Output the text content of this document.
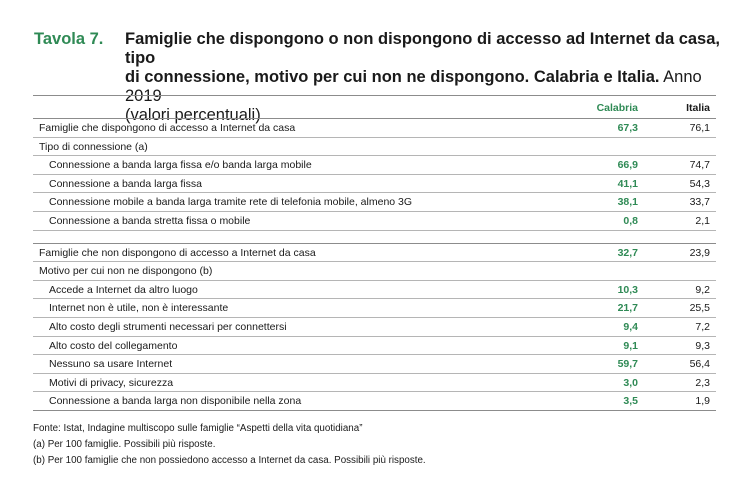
Tavola 7. Famiglie che dispongono o non dispongono di accesso ad Internet da casa, tipo
di connessione, motivo per cui non ne dispongono. Calabria e Italia. Anno 2019
(valori percentuali)	Calabria	Italia
Famiglie che dispongono di accesso a Internet da casa	67,3	76,1
Tipo di connessione (a)
Connessione a banda larga fissa e/o banda larga mobile	66,9	74,7
Connessione a banda larga fissa	41,1	54,3
Connessione mobile a banda larga tramite rete di telefonia mobile, almeno 3G	38,1	33,7
Connessione a banda stretta fissa o mobile	0,8	2,1
Famiglie che non dispongono di accesso a Internet da casa	32,7	23,9
Motivo per cui non ne dispongono (b)
Accede a Internet da altro luogo	10,3	9,2
Internet non è utile, non è interessante	21,7	25,5
Alto costo degli strumenti necessari per connettersi	9,4	7,2
Alto costo del collegamento	9,1	9,3
Nessuno sa usare Internet	59,7	56,4
Motivi di privacy, sicurezza	3,0	2,3
Connessione a banda larga non disponibile nella zona	3,5	1,9
Fonte: Istat, Indagine multiscopo sulle famiglie “Aspetti della vita quotidiana”
(a) Per 100 famiglie. Possibili più risposte.
(b) Per 100 famiglie che non possiedono accesso a Internet da casa. Possibili più risposte.
